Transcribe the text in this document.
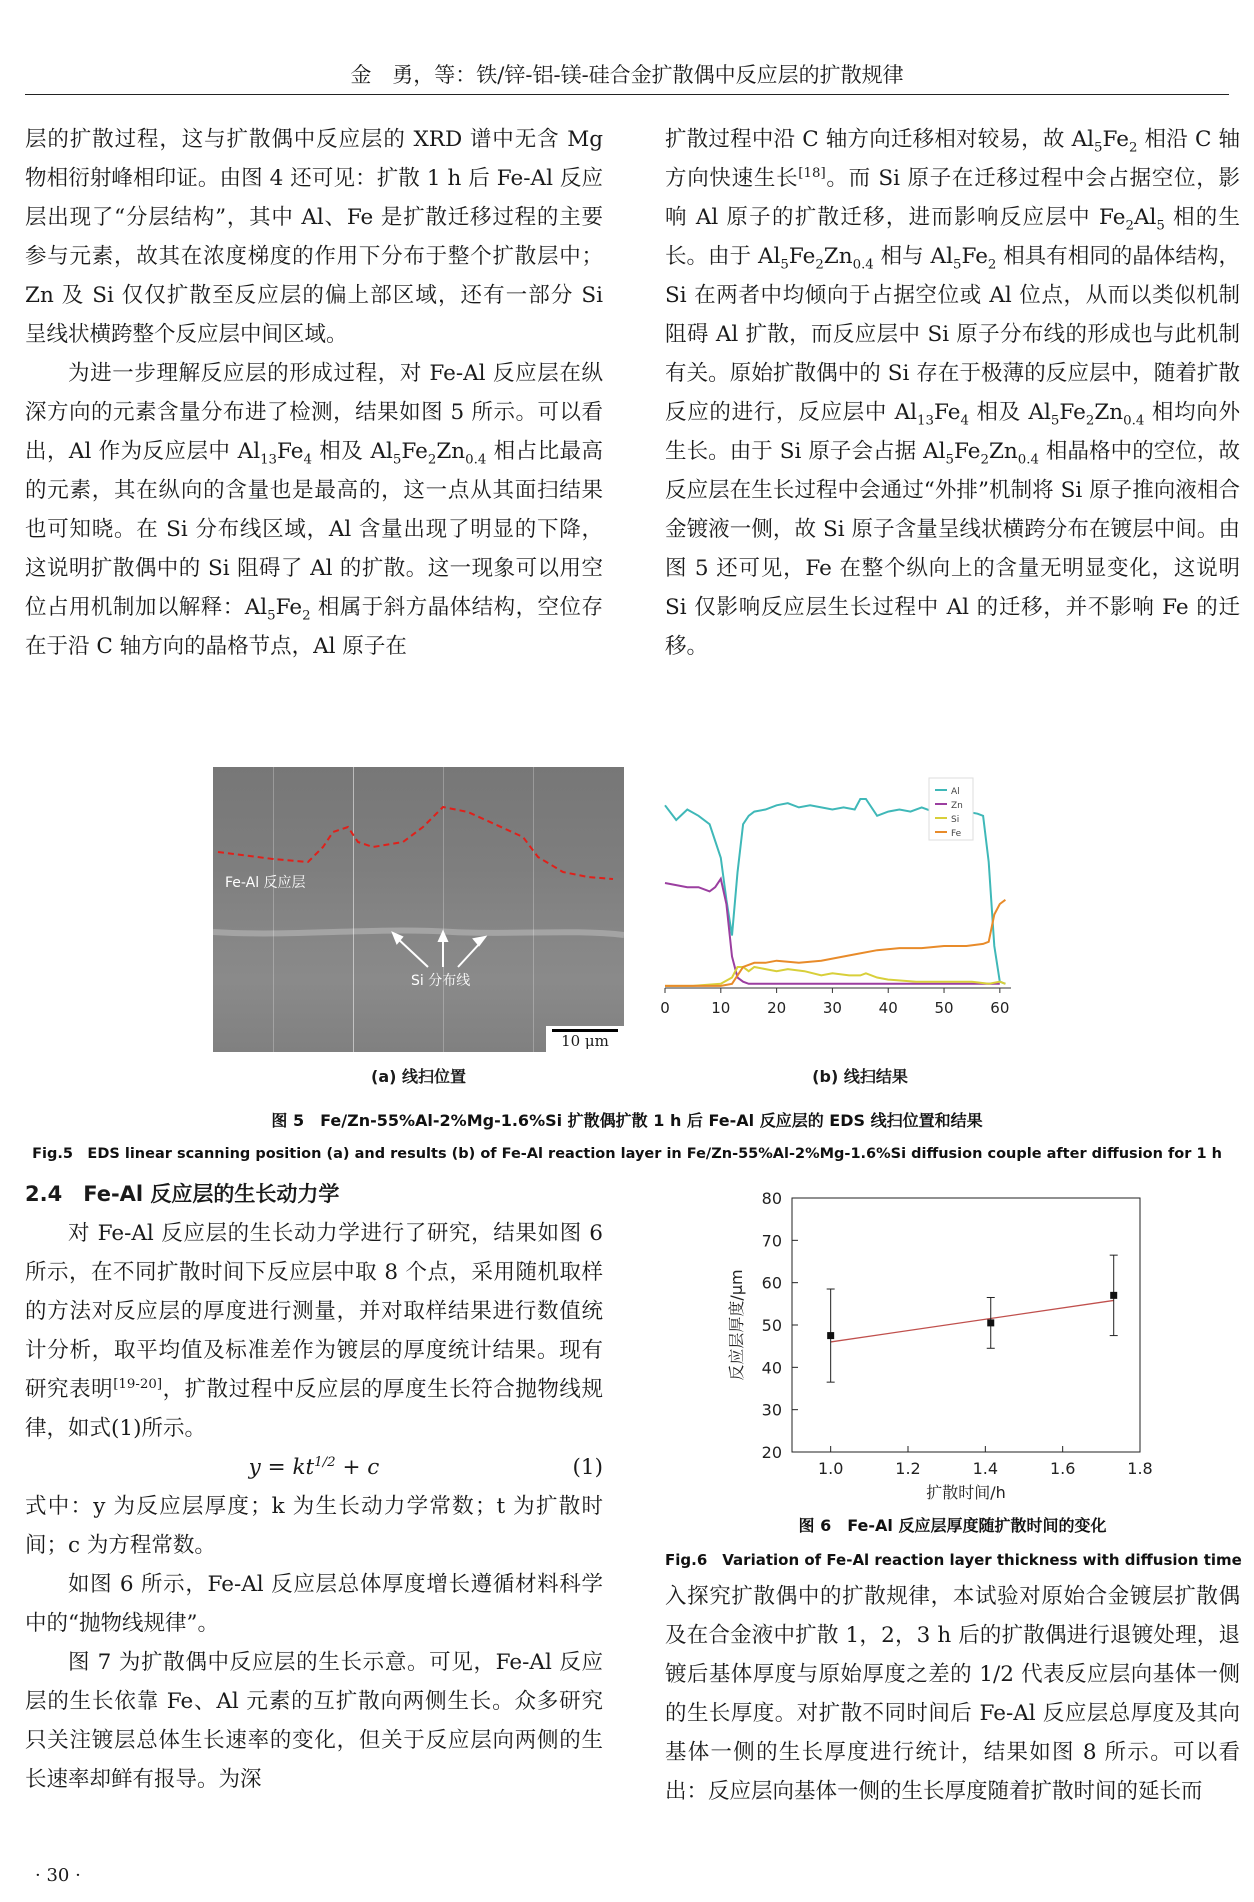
金　勇，等：铁/锌-铝-镁-硅合金扩散偶中反应层的扩散规律

层的扩散过程，这与扩散偶中反应层的 XRD 谱中无含 Mg 物相衍射峰相印证。由图 4 还可见：扩散 1 h 后 Fe-Al 反应层出现了“分层结构”，其中 Al、Fe 是扩散迁移过程的主要参与元素，故其在浓度梯度的作用下分布于整个扩散层中；Zn 及 Si 仅仅扩散至反应层的偏上部区域，还有一部分 Si 呈线状横跨整个反应层中间区域。

为进一步理解反应层的形成过程，对 Fe-Al 反应层在纵深方向的元素含量分布进了检测，结果如图 5 所示。可以看出，Al 作为反应层中 $Al_{13}Fe_4$ 相及 $Al_5Fe_2Zn_{0.4}$ 相占比最高的元素，其在纵向的含量也是最高的，这一点从其面扫结果也可知晓。在 Si 分布线区域，Al 含量出现了明显的下降，这说明扩散偶中的 Si 阻碍了 Al 的扩散。这一现象可以用空位占用机制加以解释：$Al_5Fe_2$ 相属于斜方晶体结构，空位存在于沿 C 轴方向的晶格节点，Al 原子在

扩散过程中沿 C 轴方向迁移相对较易，故 $Al_5Fe_2$ 相沿 C 轴方向快速生长[18]。而 Si 原子在迁移过程中会占据空位，影响 Al 原子的扩散迁移，进而影响反应层中 $Fe_2Al_5$ 相的生长。由于 $Al_5Fe_2Zn_{0.4}$ 相与 $Al_5Fe_2$ 相具有相同的晶体结构，Si 在两者中均倾向于占据空位或 Al 位点，从而以类似机制阻碍 Al 扩散，而反应层中 Si 原子分布线的形成也与此机制有关。原始扩散偶中的 Si 存在于极薄的反应层中，随着扩散反应的进行，反应层中 $Al_{13}Fe_4$ 相及 $Al_5Fe_2Zn_{0.4}$ 相均向外生长。由于 Si 原子会占据 $Al_5Fe_2Zn_{0.4}$ 相晶格中的空位，故反应层在生长过程中会通过“外排”机制将 Si 原子推向液相合金镀液一侧，故 Si 原子含量呈线状横跨分布在镀层中间。由图 5 还可见，Fe 在整个纵向上的含量无明显变化，这说明 Si 仅影响反应层生长过程中 Al 的迁移，并不影响 Fe 的迁移。

Fe-Al 反应层
Si 分布线
10 μm
0	10 20 30 40 50 60
Al
Zn
Si
Fe
(a) 线扫位置	(b) 线扫结果
图 5　Fe/Zn-55%Al-2%Mg-1.6%Si 扩散偶扩散 1 h 后 Fe-Al 反应层的 EDS 线扫位置和结果
Fig.5　EDS linear scanning position (a) and results (b) of Fe-Al reaction layer in Fe/Zn-55%Al-2%Mg-1.6%Si diffusion couple after diffusion for 1 h

2.4　Fe-Al 反应层的生长动力学

对 Fe-Al 反应层的生长动力学进行了研究，结果如图 6 所示，在不同扩散时间下反应层中取 8 个点，采用随机取样的方法对反应层的厚度进行测量，并对取样结果进行数值统计分析，取平均值及标准差作为镀层的厚度统计结果。现有研究表明[19-20]，扩散过程中反应层的厚度生长符合抛物线规律，如式(1)所示。

$y = kt^{1/2} + c$	(1)

式中：y 为反应层厚度；k 为生长动力学常数；t 为扩散时间；c 为方程常数。

如图 6 所示，Fe-Al 反应层总体厚度增长遵循材料科学中的“抛物线规律”。

图 7 为扩散偶中反应层的生长示意。可见，Fe-Al 反应层的生长依靠 Fe、Al 元素的互扩散向两侧生长。众多研究只关注镀层总体生长速率的变化，但关于反应层向两侧的生长速率却鲜有报导。为深

20
30
40
50
60
70
80
1.0	1.2	1.4	1.6	1.8
扩散时间/h
反应层厚度/μm
图 6　Fe-Al 反应层厚度随扩散时间的变化
Fig.6　Variation of Fe-Al reaction layer thickness with diffusion time

入探究扩散偶中的扩散规律，本试验对原始合金镀层扩散偶及在合金液中扩散 1，2，3 h 后的扩散偶进行退镀处理，退镀后基体厚度与原始厚度之差的 1/2 代表反应层向基体一侧的生长厚度。对扩散不同时间后 Fe-Al 反应层总厚度及其向基体一侧的生长厚度进行统计，结果如图 8 所示。可以看出：反应层向基体一侧的生长厚度随着扩散时间的延长而

· 30 ·
